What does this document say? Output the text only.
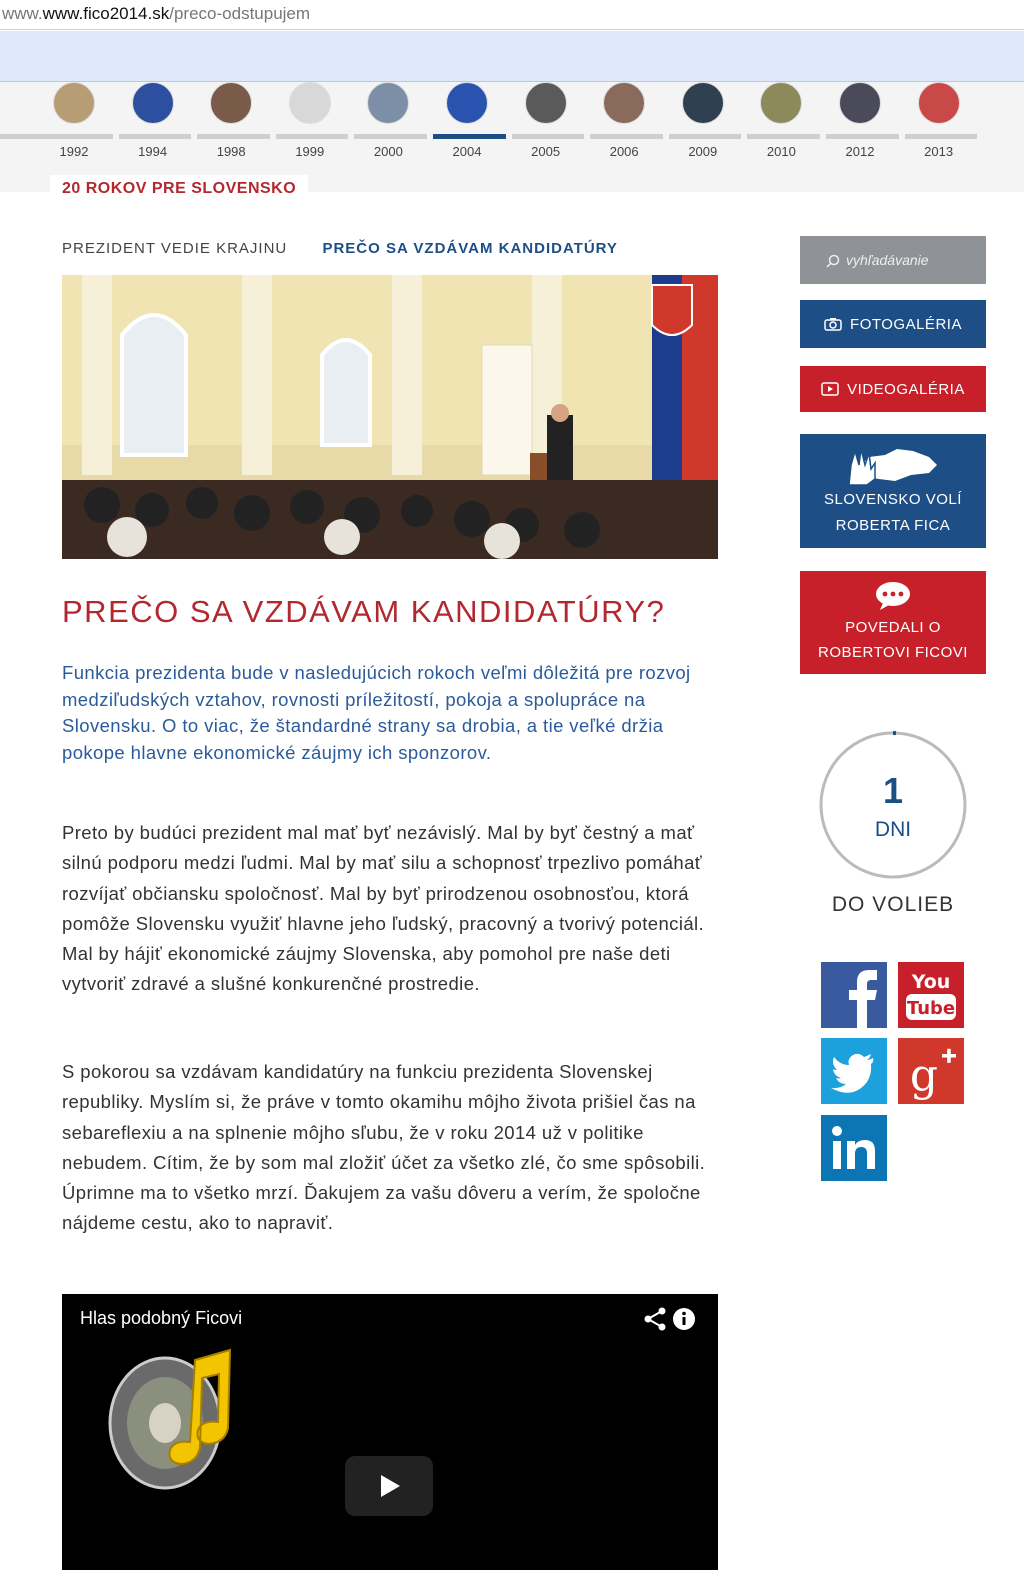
www.www.fico2014.sk/preco-odstupujem
1992	1994	1998	1999	2000	2004	2005	2006	2009	2010	2012	2013
20 ROKOV PRE SLOVENSKO
PREZIDENT VEDIE KRAJINU PREČO SA VZDÁVAM KANDIDATÚRY
PREČO SA VZDÁVAM KANDIDATÚRY?

Funkcia prezidenta bude v nasledujúcich rokoch veľmi dôležitá pre rozvoj medziľudských vztahov, rovnosti príležitostí, pokoja a spolupráce na Slovensku. O to viac, že štandardné strany sa drobia, a tie veľké držia pokope hlavne ekonomické záujmy ich sponzorov.

Preto by budúci prezident mal mať byť nezávislý. Mal by byť čestný a mať silnú podporu medzi ľudmi. Mal by mať silu a schopnosť trpezlivo pomáhať rozvíjať občiansku spoločnosť. Mal by byť prirodzenou osobnosťou, ktorá pomôže Slovensku využiť hlavne jeho ľudský, pracovný a tvorivý potenciál. Mal by hájiť ekonomické záujmy Slovenska, aby pomohol pre naše deti vytvoriť zdravé a slušné konkurenčné prostredie.

S pokorou sa vzdávam kandidatúry na funkciu prezidenta Slovenskej republiky. Myslím si, že práve v tomto okamihu môjho života prišiel čas na sebareflexiu a na splnenie môjho sľubu, že v roku 2014 už v politike nebudem. Cítim, že by som mal zložiť účet za všetko zlé, čo sme spôsobili. Úprimne ma to všetko mrzí. Ďakujem za vašu dôveru a verím, že spoločne nájdeme cestu, ako to napraviť.

Hlas podobný Ficovi
vyhľadávanie
FOTOGALÉRIA
VIDEOGALÉRIA
SLOVENSKO VOLÍ
ROBERTA FICA
POVEDALI O
ROBERTOVI FICOVI
1
DNI
DO VOLIEB
You
Tube
g
